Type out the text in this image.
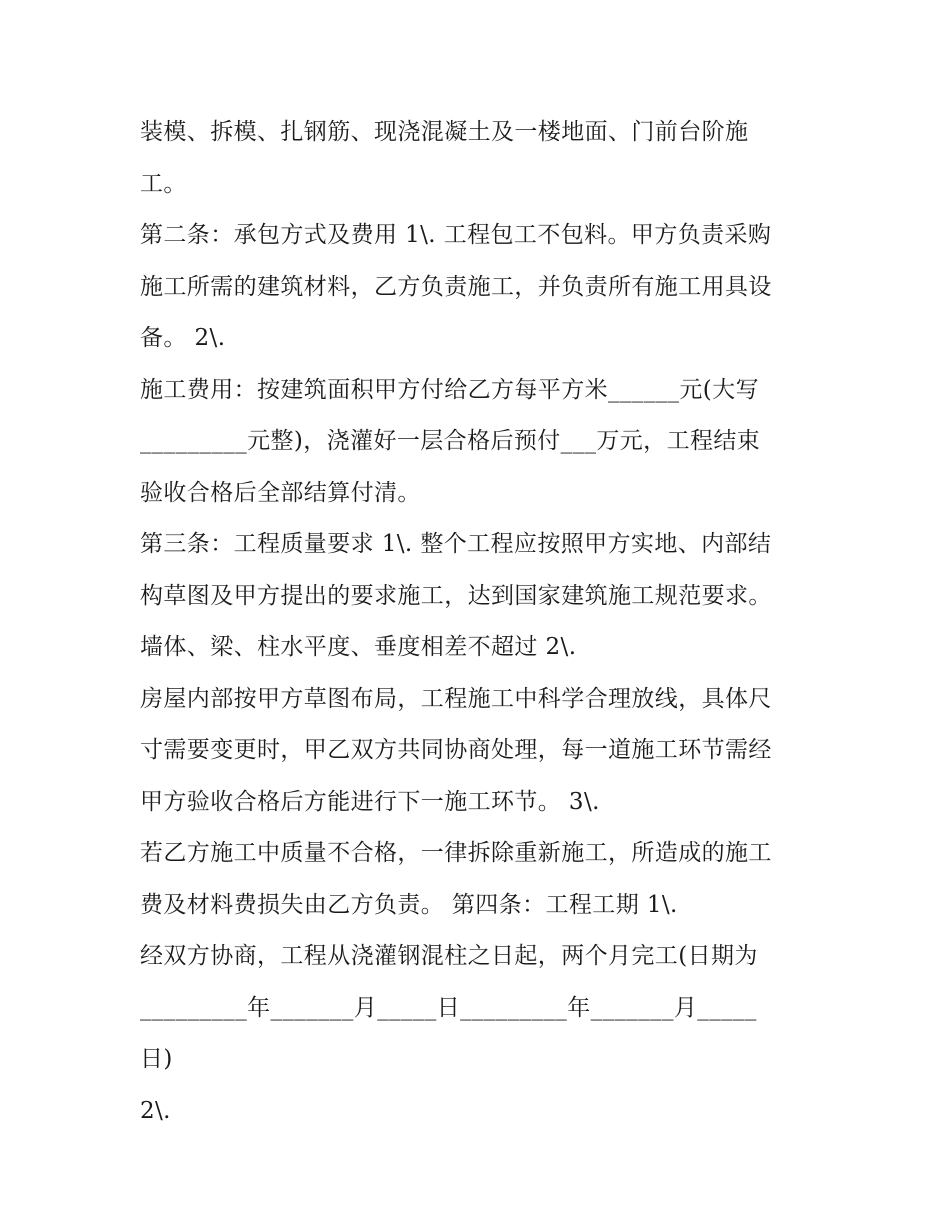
装模、拆模、扎钢筋、现浇混凝土及一楼地面、门前台阶施
工。
第二条：承包方式及费用 1\. 工程包工不包料。甲方负责采购
施工所需的建筑材料，乙方负责施工，并负责所有施工用具设
备。 2\.
施工费用：按建筑面积甲方付给乙方每平方米______元(大写
_________元整)，浇灌好一层合格后预付___万元，工程结束
验收合格后全部结算付清。
第三条：工程质量要求 1\. 整个工程应按照甲方实地、内部结
构草图及甲方提出的要求施工，达到国家建筑施工规范要求。
墙体、梁、柱水平度、垂度相差不超过 2\.
房屋内部按甲方草图布局，工程施工中科学合理放线，具体尺
寸需要变更时，甲乙双方共同协商处理，每一道施工环节需经
甲方验收合格后方能进行下一施工环节。 3\.
若乙方施工中质量不合格，一律拆除重新施工，所造成的施工
费及材料费损失由乙方负责。 第四条：工程工期 1\.
经双方协商，工程从浇灌钢混柱之日起，两个月完工(日期为
_________年_______月_____日_________年_______月_____
日)
2\.
